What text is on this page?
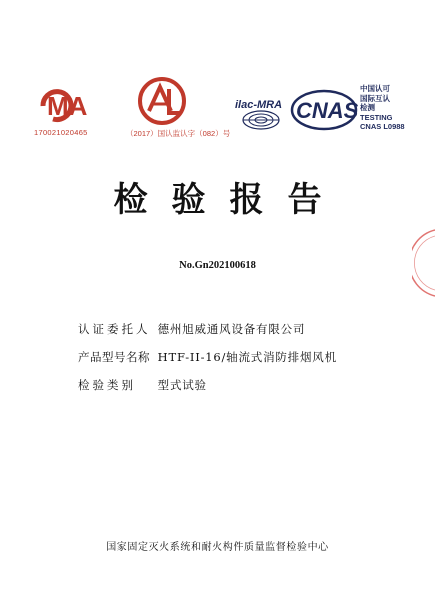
MA
170021020465	（2017）国认监认字（082）号
ilac-MRA CNAS
中国认可
国际互认
检测
TESTING
CNAS L0988
检验报告
No.Gn202100618
认证委托人 德州旭威通风设备有限公司
产品型号名称 HTF-II-16/轴流式消防排烟风机
检验类别 型式试验
国家固定灭火系统和耐火构件质量监督检验中心
